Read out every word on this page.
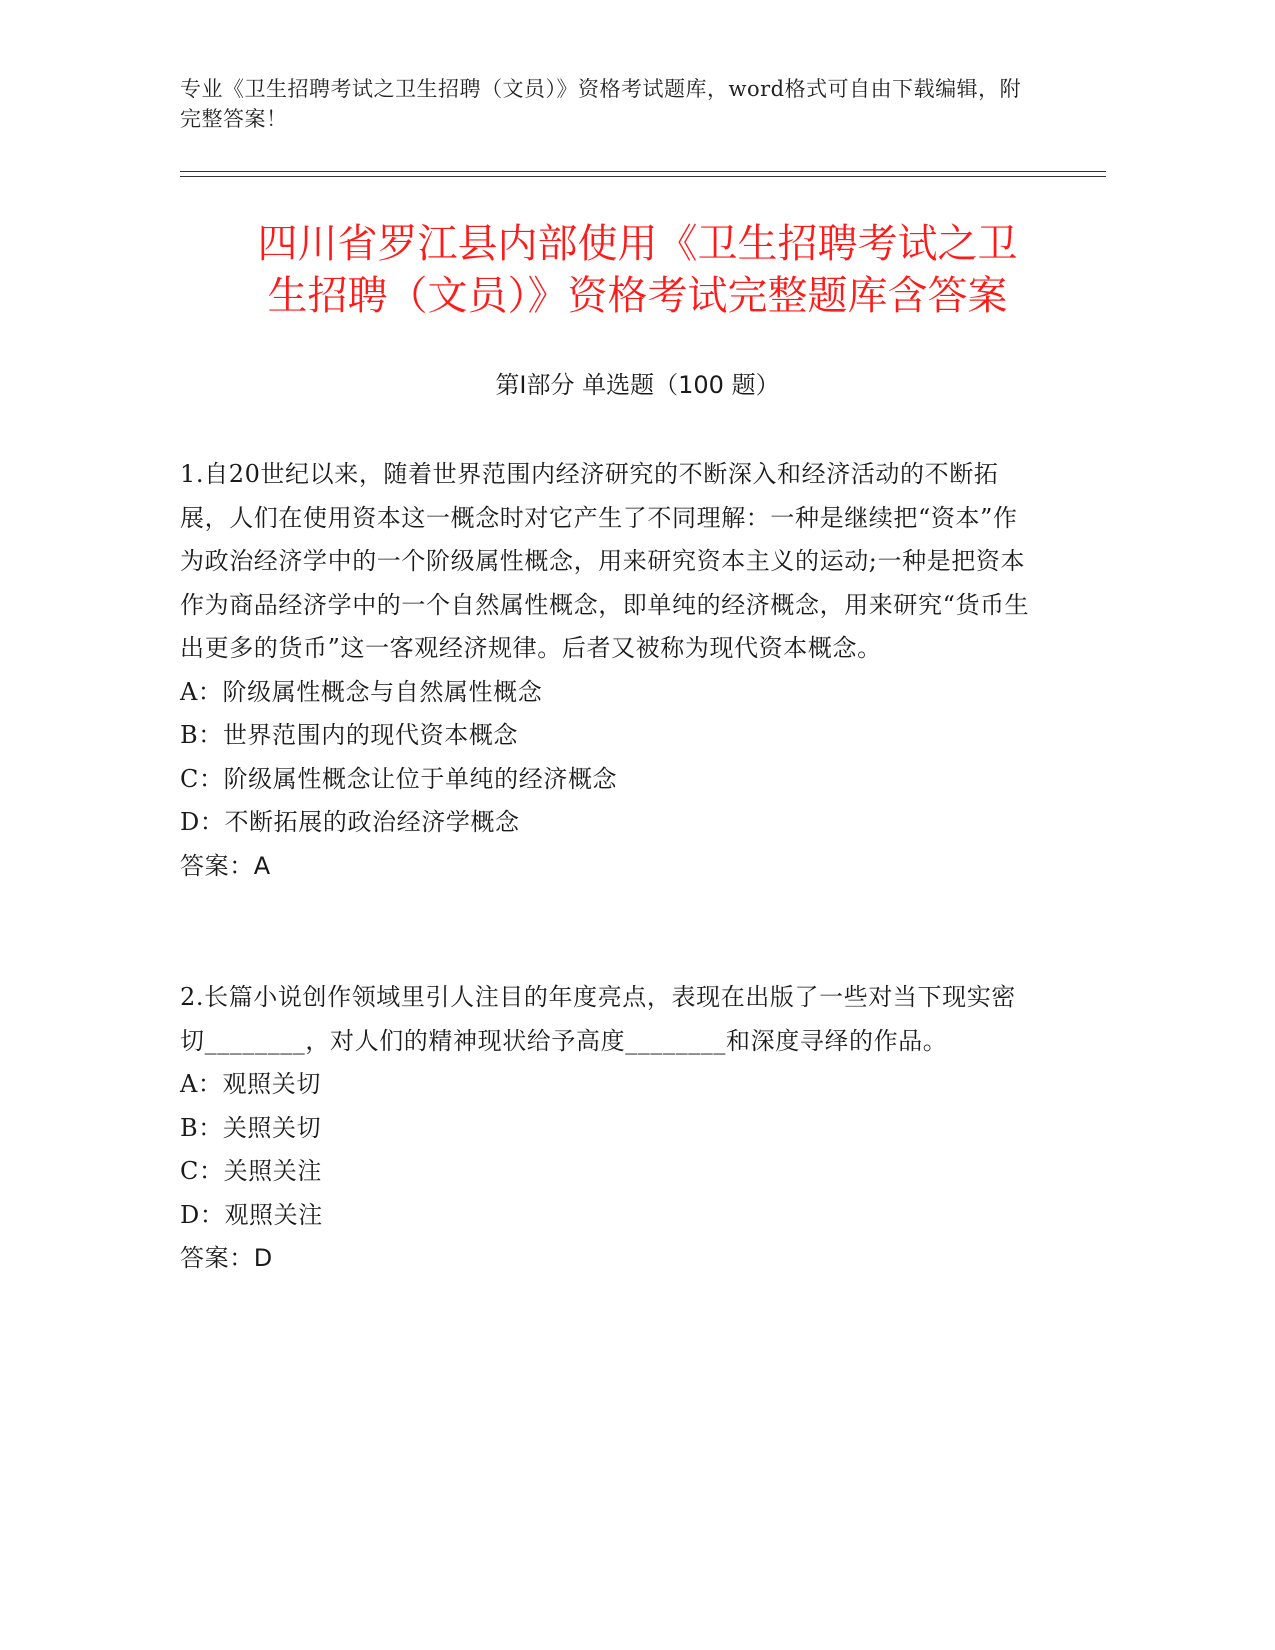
专业《卫生招聘考试之卫生招聘（文员）》资格考试题库，word格式可自由下载编辑，附完整答案！
四川省罗江县内部使用《卫生招聘考试之卫
生招聘（文员）》资格考试完整题库含答案
第Ⅰ部分 单选题（100 题）

1.自20世纪以来，随着世界范围内经济研究的不断深入和经济活动的不断拓展，人们在使用资本这一概念时对它产生了不同理解：一种是继续把“资本”作为政治经济学中的一个阶级属性概念，用来研究资本主义的运动;一种是把资本作为商品经济学中的一个自然属性概念，即单纯的经济概念，用来研究“货币生出更多的货币”这一客观经济规律。后者又被称为现代资本概念。

A：阶级属性概念与自然属性概念

B：世界范围内的现代资本概念

C：阶级属性概念让位于单纯的经济概念

D：不断拓展的政治经济学概念

答案：A

2.长篇小说创作领域里引人注目的年度亮点，表现在出版了一些对当下现实密切________，对人们的精神现状给予高度________和深度寻绎的作品。

A：观照关切

B：关照关切

C：关照关注

D：观照关注

答案：D
